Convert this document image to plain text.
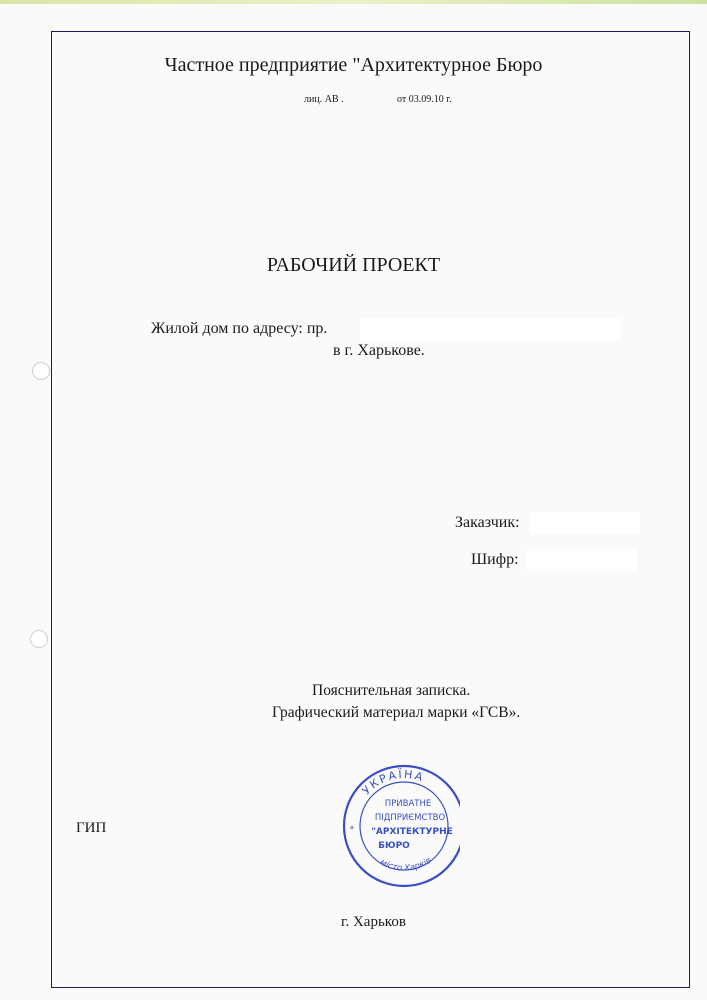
Частное предприятие "Архитектурное Бюро
лиц. АВ .	от 03.09.10 г.
РАБОЧИЙ ПРОЕКТ
Жилой дом по адресу: пр.
в г. Харькове.
Заказчик:
Шифр:
Пояснительная записка.
Графический материал марки «ГСВ».
ГИП
УКРАЇНА
місто Харків
ПРИВАТНЕ
ПІДПРИЄМСТВО
"АРХІТЕКТУРНЕ
БЮРО
*
г. Харьков
